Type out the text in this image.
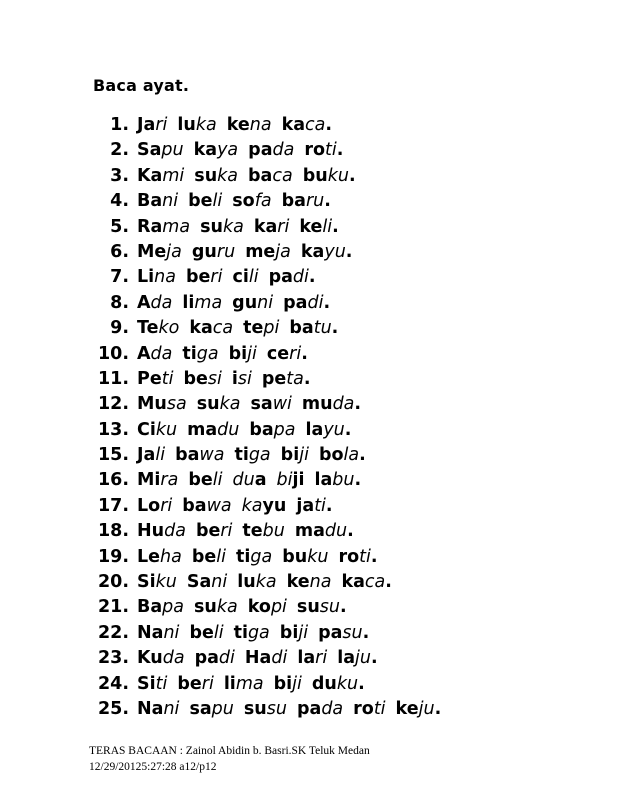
Baca ayat.
1. Jari luka kena kaca.
2. Sapu kaya pada roti.
3. Kami suka baca buku.
4. Bani beli sofa baru.
5. Rama suka kari keli.
6. Meja guru meja kayu.
7. Lina beri cili padi.
8. Ada lima guni padi.
9. Teko kaca tepi batu.
10. Ada tiga biji ceri.
11. Peti besi isi peta.
12. Musa suka sawi muda.
13. Ciku madu bapa layu.
15. Jali bawa tiga biji bola.
16. Mira beli dua biji labu.
17. Lori bawa kayu jati.
18. Huda beri tebu madu.
19. Leha beli tiga buku roti.
20. Siku Sani luka kena kaca.
21. Bapa suka kopi susu.
22. Nani beli tiga biji pasu.
23. Kuda padi Hadi lari laju.
24. Siti beri lima biji duku.
25. Nani sapu susu pada roti keju.
TERAS BACAAN : Zainol Abidin b. Basri.SK Teluk Medan
12/29/20125:27:28 a12/p12
